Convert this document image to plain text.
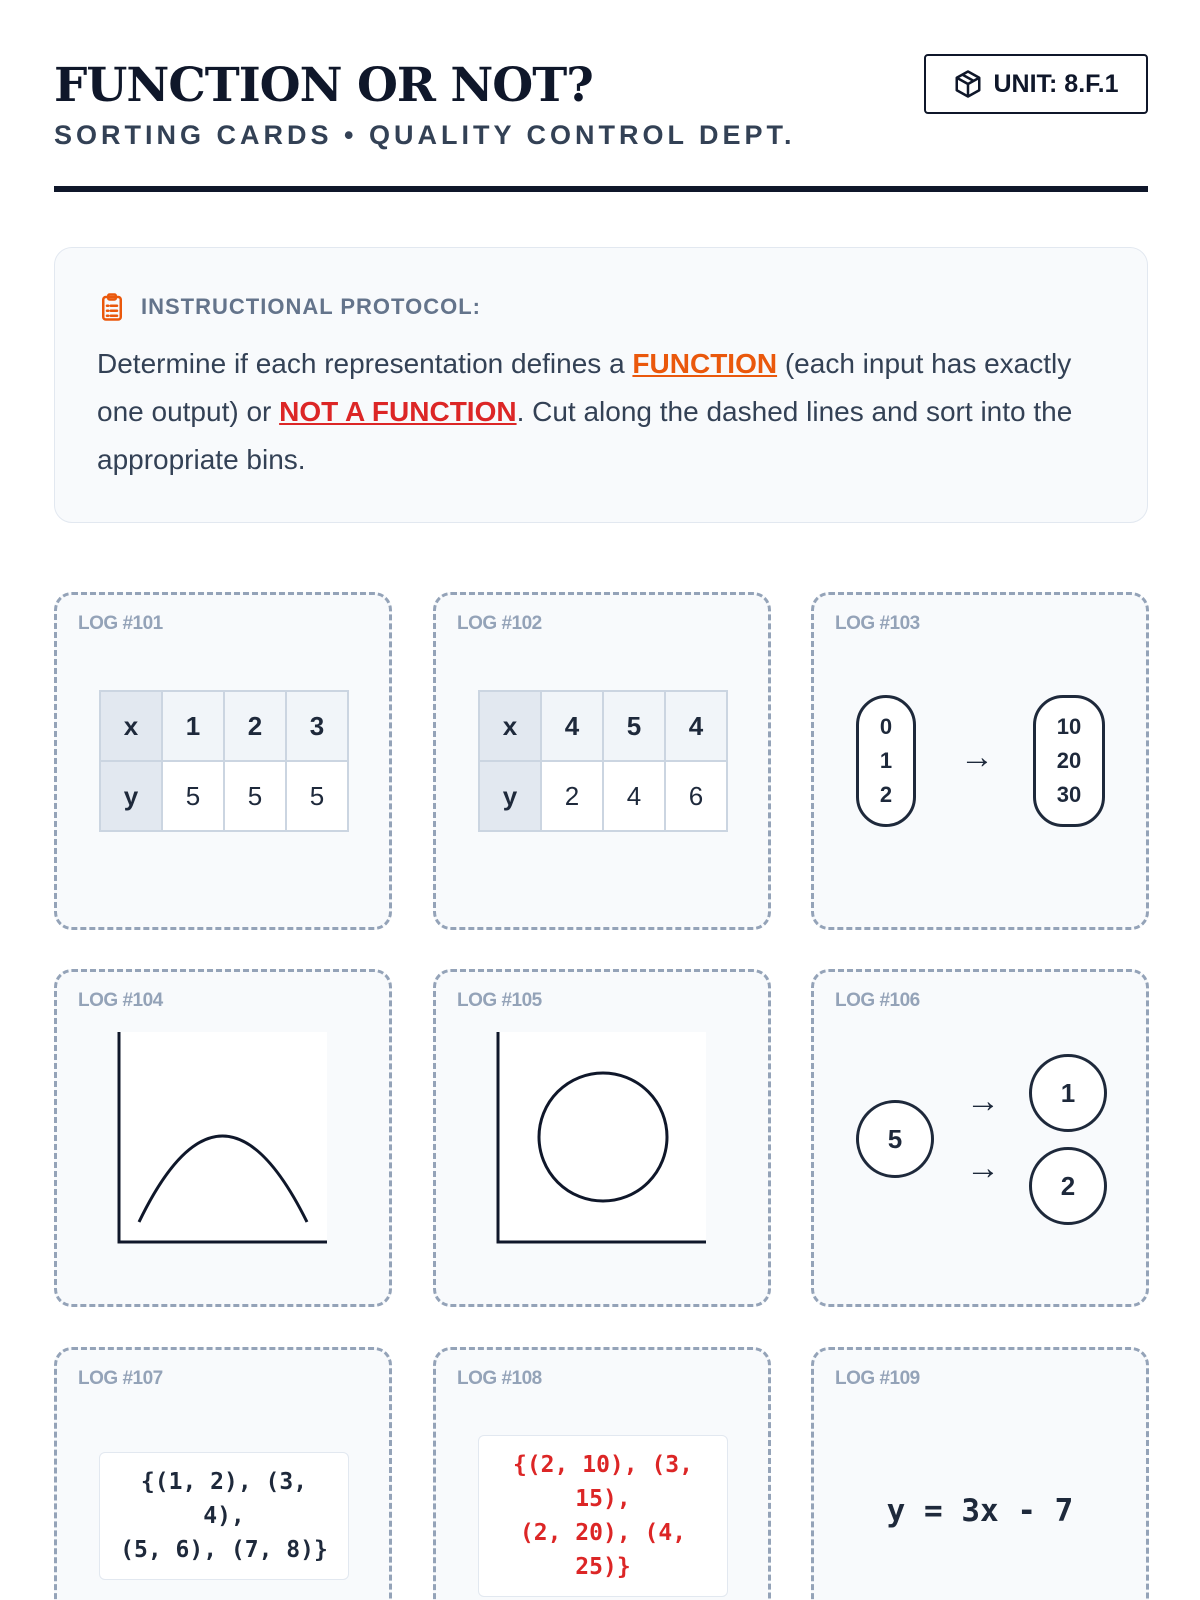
FUNCTION OR NOT?
SORTING CARDS • QUALITY CONTROL DEPT.
UNIT: 8.F.1
INSTRUCTIONAL PROTOCOL:
Determine if each representation defines a FUNCTION (each input has exactly one output) or NOT A FUNCTION. Cut along the dashed lines and sort into the appropriate bins.
LOG #101
x	1	2	3
y	5	5	5
LOG #102
x	4	5	4
y	2	4	6
LOG #103
0
1
2
→
10
20
30
LOG #104	LOG #105	LOG #106
5
→
→
1
2
LOG #107
{(1, 2), (3,
4),
(5, 6), (7, 8)}
LOG #108
{(2, 10), (3,
15),
(2, 20), (4,
25)}
LOG #109
y = 3x - 7
